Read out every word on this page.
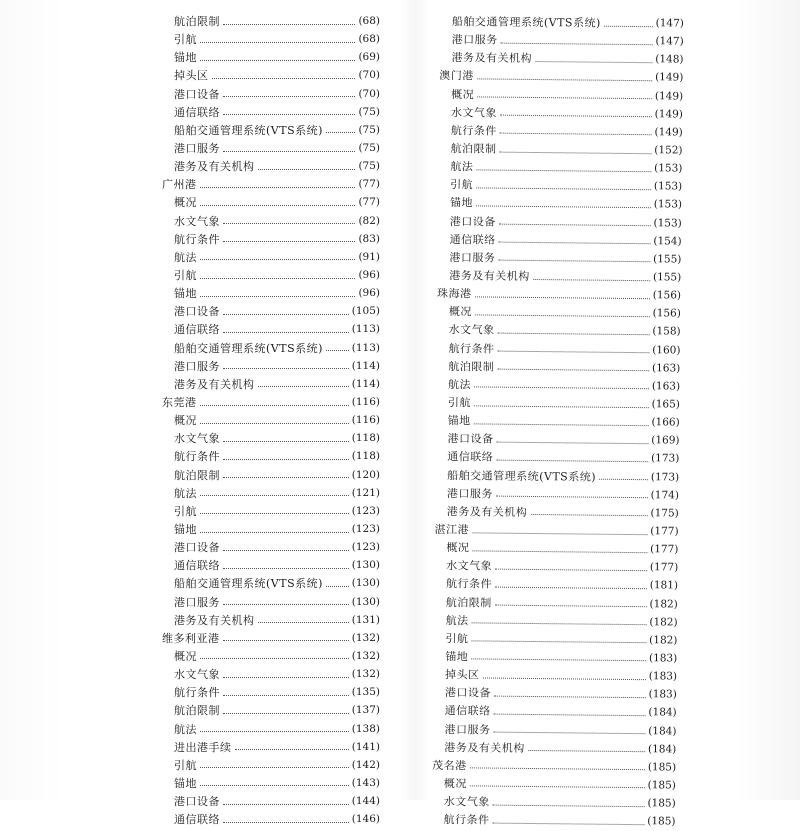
航泊限制	(68)
引航	(68)
锚地	(69)
掉头区	(70)
港口设备	(70)
通信联络	(75)
船舶交通管理系统(VTS系统)	(75)
港口服务	(75)
港务及有关机构	(75)
广州港	(77)
概况	(77)
水文气象	(82)
航行条件	(83)
航法	(91)
引航	(96)
锚地	(96)
港口设备	(105)
通信联络	(113)
船舶交通管理系统(VTS系统)	(113)
港口服务	(114)
港务及有关机构	(114)
东莞港	(116)
概况	(116)
水文气象	(118)
航行条件	(118)
航泊限制	(120)
航法	(121)
引航	(123)
锚地	(123)
港口设备	(123)
通信联络	(130)
船舶交通管理系统(VTS系统)	(130)
港口服务	(130)
港务及有关机构	(131)
维多利亚港	(132)
概况	(132)
水文气象	(132)
航行条件	(135)
航泊限制	(137)
航法	(138)
进出港手续	(141)
引航	(142)
锚地	(143)
港口设备	(144)
通信联络	(146)
船舶交通管理系统(VTS系统)	(147)
港口服务	(147)
港务及有关机构	(148)
澳门港	(149)
概况	(149)
水文气象	(149)
航行条件	(149)
航泊限制	(152)
航法	(153)
引航	(153)
锚地	(153)
港口设备	(153)
通信联络	(154)
港口服务	(155)
港务及有关机构	(155)
珠海港	(156)
概况	(156)
水文气象	(158)
航行条件	(160)
航泊限制	(163)
航法	(163)
引航	(165)
锚地	(166)
港口设备	(169)
通信联络	(173)
船舶交通管理系统(VTS系统)	(173)
港口服务	(174)
港务及有关机构	(175)
湛江港	(177)
概况	(177)
水文气象	(177)
航行条件	(181)
航泊限制	(182)
航法	(182)
引航	(182)
锚地	(183)
掉头区	(183)
港口设备	(183)
通信联络	(184)
港口服务	(184)
港务及有关机构	(184)
茂名港	(185)
概况	(185)
水文气象	(185)
航行条件	(185)
